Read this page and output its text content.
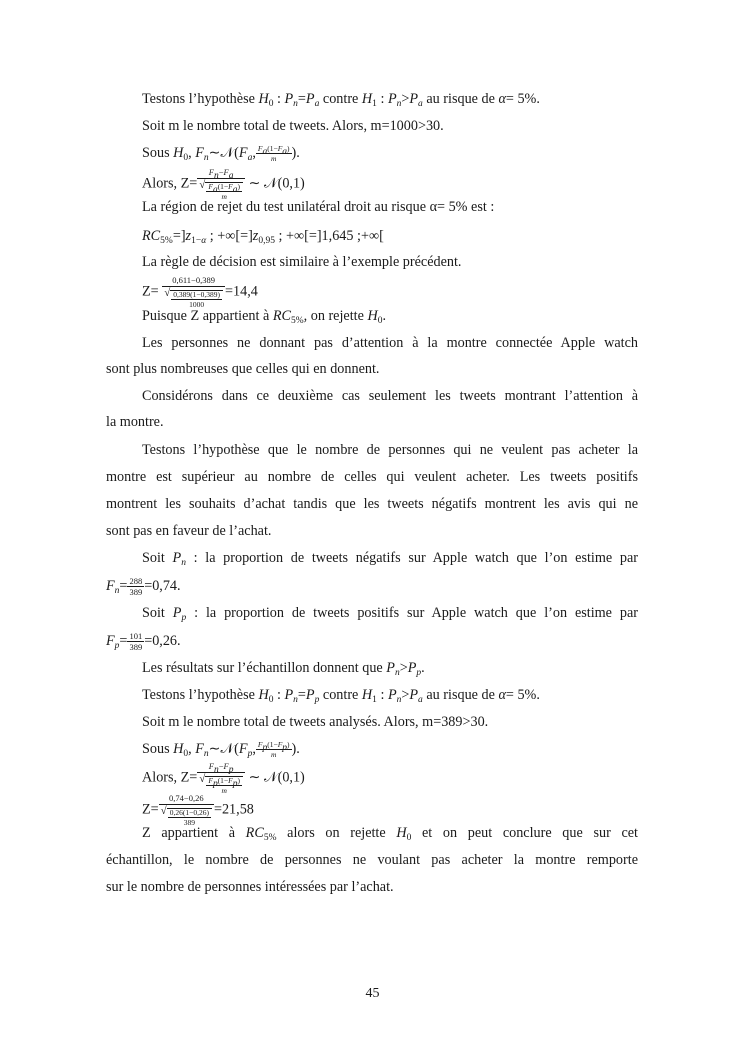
Testons l’hypothèse $H_0$ : $P_n=P_a$ contre $H_1$ : $P_n>P_a$ au risque de α= 5%.
Soit m le nombre total de tweets. Alors, m=1000>30.
Sous $H_0$, $F_n\sim 𝒩(F_a$, $\frac{F_a(1-F_a)}{m}$ ).
Alors, $Z= F_n-F_a$
√ $\frac{F_a(1-F_a)}{m}$ ∼ 𝒩(0,1)
La région de rejet du test unilatéral droit au risque α= 5% est :
$RC_{5\%}=]z_{1-\alpha}$ ; $+\infty[=]z_{0,95}$ ; +∞[=]1,645 ;+∞[
La règle de décision est similaire à l’exemple précédent.
Z= 0,611−0,389
√ $\frac{0,389(1-0,389)}{1000} =14,4$
Puisque Z appartient à $RC_{5\%}$, on rejette $H_0$.
Les personnes ne donnant pas d’attention à la montre connectée Apple watch
sont plus nombreuses que celles qui en donnent.
Considérons dans ce deuxième cas seulement les tweets montrant l’attention à
la montre.
Testons l’hypothèse que le nombre de personnes qui ne veulent pas acheter la
montre est supérieur au nombre de celles qui veulent acheter. Les tweets positifs
montrent les souhaits d’achat tandis que les tweets négatifs montrent les avis qui ne
sont pas en faveur de l’achat.
Soit $P_n$ : la proportion de tweets négatifs sur Apple watch que l’on estime par
$F_n= \frac{288}{389} =0,74$.
Soit $P_p$ : la proportion de tweets positifs sur Apple watch que l’on estime par
$F_p= \frac{101}{389} =0,26$.
Les résultats sur l’échantillon donnent que $P_n>P_p$.
Testons l’hypothèse $H_0$ : $P_n=P_p$ contre $H_1$ : $P_n>P_a$ au risque de α= 5%.
Soit m le nombre total de tweets analysés. Alors, m=389>30.
Sous $H_0$, $F_n\sim 𝒩(F_p$, $\frac{F_p(1-F_p)}{m}$ ).
Alors, $Z= F_n-F_p$
√ $\frac{F_p(1-F_p)}{m}$ ∼ 𝒩(0,1)
Z= 0,74−0,26
√ $\frac{0,26(1-0,26)}{389} =21,58$
Z appartient à $RC_{5\%}$ alors on rejette $H_0$ et on peut conclure que sur cet
échantillon, le nombre de personnes ne voulant pas acheter la montre remporte
sur le nombre de personnes intéressées par l’achat.
45
